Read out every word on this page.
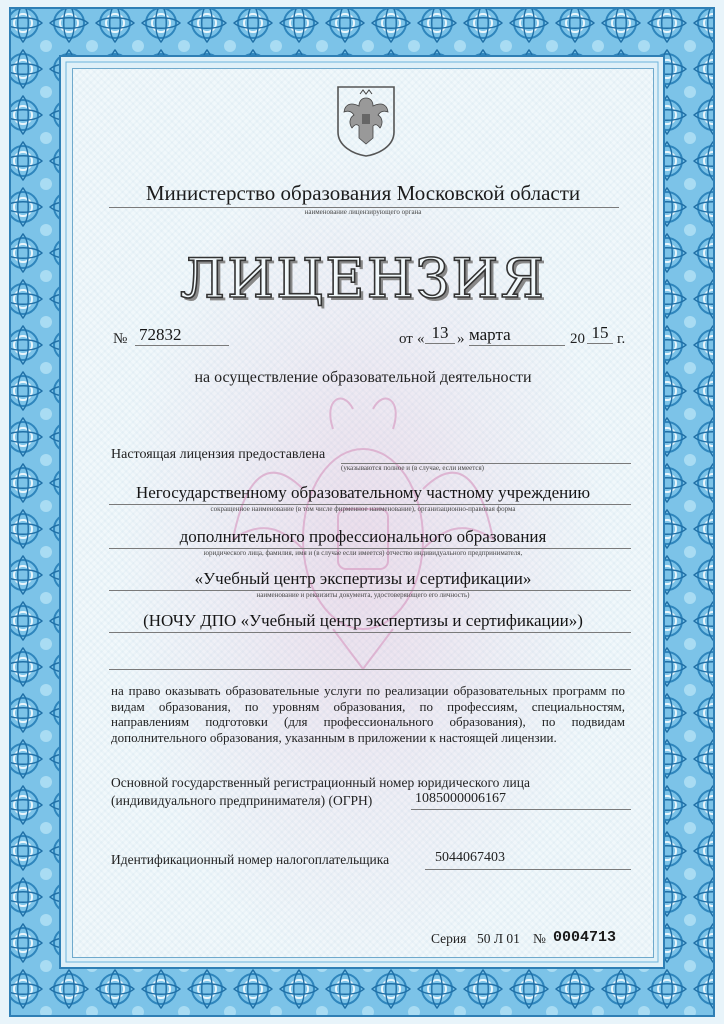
Министерство образования Московской области
наименование лицензирующего органа
ЛИЦЕНЗИЯ
№ 72832	от « 13 » марта	20 15 г.
на осуществление образовательной деятельности
Настоящая лицензия предоставлена
(указываются полное и (в случае, если имеется)
Негосударственному образовательному частному учреждению
сокращенное наименование (в том числе фирменное наименование), организационно-правовая форма
дополнительного профессионального образования
юридического лица, фамилия, имя и (в случае если имеется) отчество индивидуального предпринимателя,
«Учебный центр экспертизы и сертификации»
наименование и реквизиты документа, удостоверяющего его личность)
(НОЧУ ДПО «Учебный центр экспертизы и сертификации»)
на право оказывать образовательные услуги по реализации образовательных программ по видам образования, по уровням образования, по профессиям, специальностям, направлениям подготовки (для профессионального образования), по подвидам дополнительного образования, указанным в приложении к настоящей лицензии.
Основной государственный регистрационный номер юридического лица
(индивидуального предпринимателя) (ОГРН)	1085000006167
Идентификационный номер налогоплательщика	5044067403
Серия 50 Л 01 № 0004713
